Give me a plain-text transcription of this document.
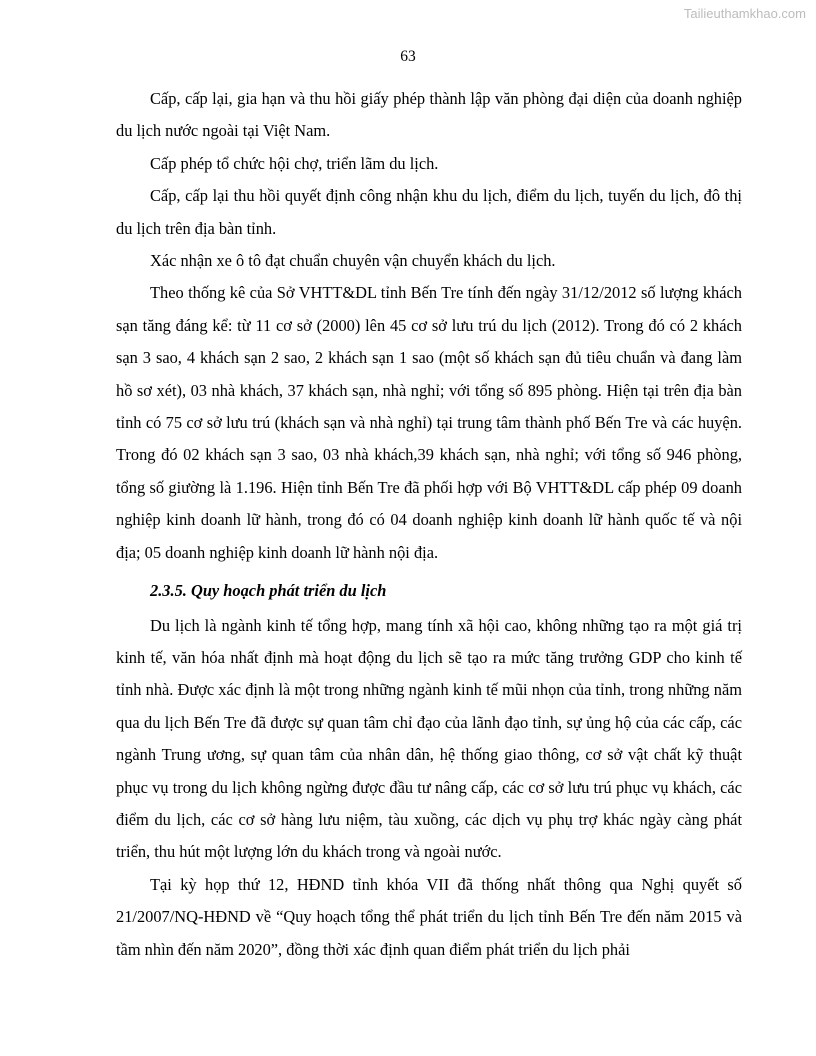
Tailieuthamkhao.com
63

Cấp, cấp lại, gia hạn và thu hồi giấy phép thành lập văn phòng đại diện của doanh nghiệp du lịch nước ngoài tại Việt Nam.

Cấp phép tổ chức hội chợ, triển lãm du lịch.

Cấp, cấp lại thu hồi quyết định công nhận khu du lịch, điểm du lịch, tuyến du lịch, đô thị du lịch trên địa bàn tỉnh.

Xác nhận xe ô tô đạt chuẩn chuyên vận chuyển khách du lịch.

Theo thống kê của Sở VHTT&DL tỉnh Bến Tre tính đến ngày 31/12/2012 số lượng khách sạn tăng đáng kể: từ 11 cơ sở (2000) lên 45 cơ sở lưu trú du lịch (2012). Trong đó có 2 khách sạn 3 sao, 4 khách sạn 2 sao, 2 khách sạn 1 sao (một số khách sạn đủ tiêu chuẩn và đang làm hồ sơ xét), 03 nhà khách, 37 khách sạn, nhà nghỉ; với tổng số 895 phòng. Hiện tại trên địa bàn tỉnh có 75 cơ sở lưu trú (khách sạn và nhà nghỉ) tại trung tâm thành phố Bến Tre và các huyện. Trong đó 02 khách sạn 3 sao, 03 nhà khách,39 khách sạn, nhà nghỉ; với tổng số 946 phòng, tổng số giường là 1.196. Hiện tỉnh Bến Tre đã phối hợp với Bộ VHTT&DL cấp phép 09 doanh nghiệp kinh doanh lữ hành, trong đó có 04 doanh nghiệp kinh doanh lữ hành quốc tế và nội địa; 05 doanh nghiệp kinh doanh lữ hành nội địa.

2.3.5. Quy hoạch phát triển du lịch

Du lịch là ngành kinh tế tổng hợp, mang tính xã hội cao, không những tạo ra một giá trị kinh tế, văn hóa nhất định mà hoạt động du lịch sẽ tạo ra mức tăng trưởng GDP cho kinh tế tỉnh nhà. Được xác định là một trong những ngành kinh tế mũi nhọn của tỉnh, trong những năm qua du lịch Bến Tre đã được sự quan tâm chỉ đạo của lãnh đạo tỉnh, sự ủng hộ của các cấp, các ngành Trung ương, sự quan tâm của nhân dân, hệ thống giao thông, cơ sở vật chất kỹ thuật phục vụ trong du lịch không ngừng được đầu tư nâng cấp, các cơ sở lưu trú phục vụ khách, các điểm du lịch, các cơ sở hàng lưu niệm, tàu xuồng, các dịch vụ phụ trợ khác ngày càng phát triển, thu hút một lượng lớn du khách trong và ngoài nước.

Tại kỳ họp thứ 12, HĐND tỉnh khóa VII đã thống nhất thông qua Nghị quyết số 21/2007/NQ-HĐND về “Quy hoạch tổng thể phát triển du lịch tỉnh Bến Tre đến năm 2015 và tầm nhìn đến năm 2020”, đồng thời xác định quan điểm phát triển du lịch phải
